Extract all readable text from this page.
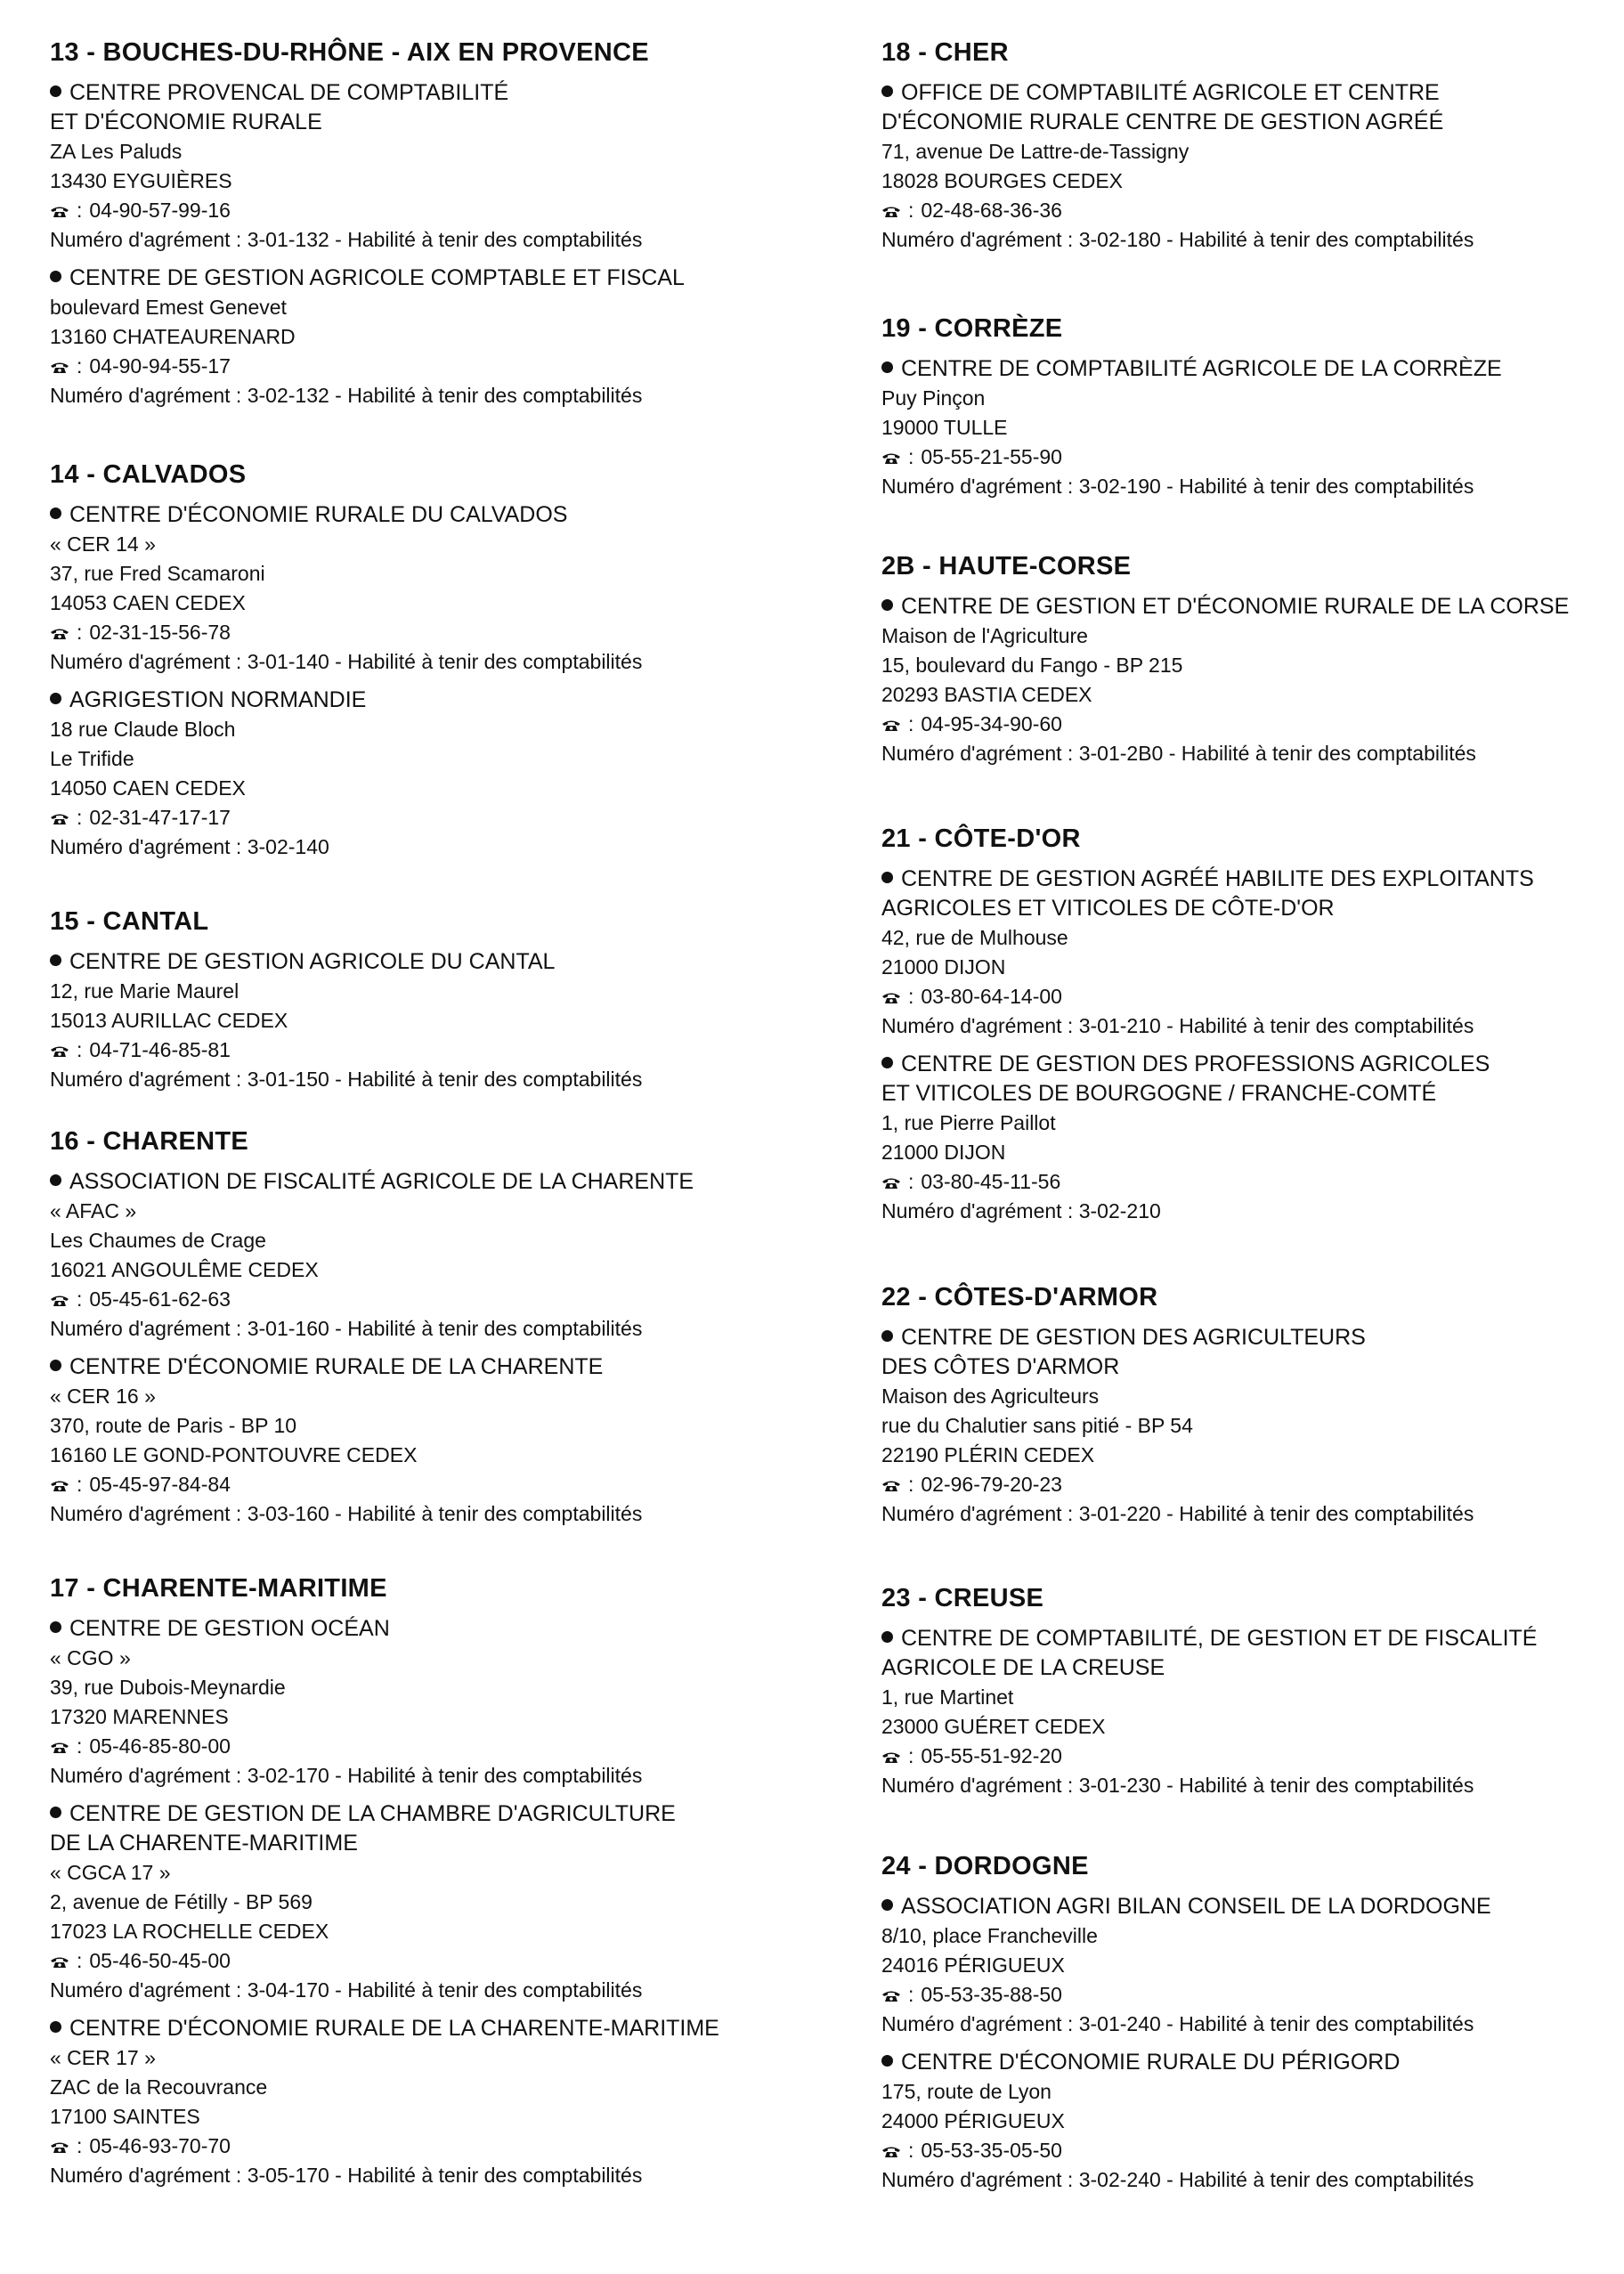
13 - BOUCHES-DU-RHÔNE - AIX EN PROVENCE
CENTRE PROVENCAL DE COMPTABILITÉ
ET D'ÉCONOMIE RURALE
ZA Les Paluds
13430 EYGUIÈRES
: 04-90-57-99-16
Numéro d'agrément : 3-01-132 - Habilité à tenir des comptabilités
CENTRE DE GESTION AGRICOLE COMPTABLE ET FISCAL
boulevard Emest Genevet
13160 CHATEAURENARD
: 04-90-94-55-17
Numéro d'agrément : 3-02-132 - Habilité à tenir des comptabilités
14 - CALVADOS
CENTRE D'ÉCONOMIE RURALE DU CALVADOS
« CER 14 »
37, rue Fred Scamaroni
14053 CAEN CEDEX
: 02-31-15-56-78
Numéro d'agrément : 3-01-140 - Habilité à tenir des comptabilités
AGRIGESTION NORMANDIE
18 rue Claude Bloch
Le Trifide
14050 CAEN CEDEX
: 02-31-47-17-17
Numéro d'agrément : 3-02-140
15 - CANTAL
CENTRE DE GESTION AGRICOLE DU CANTAL
12, rue Marie Maurel
15013 AURILLAC CEDEX
: 04-71-46-85-81
Numéro d'agrément : 3-01-150 - Habilité à tenir des comptabilités
16 - CHARENTE
ASSOCIATION DE FISCALITÉ AGRICOLE DE LA CHARENTE
« AFAC »
Les Chaumes de Crage
16021 ANGOULÊME CEDEX
: 05-45-61-62-63
Numéro d'agrément : 3-01-160 - Habilité à tenir des comptabilités
CENTRE D'ÉCONOMIE RURALE DE LA CHARENTE
« CER 16 »
370, route de Paris - BP 10
16160 LE GOND-PONTOUVRE CEDEX
: 05-45-97-84-84
Numéro d'agrément : 3-03-160 - Habilité à tenir des comptabilités
17 - CHARENTE-MARITIME
CENTRE DE GESTION OCÉAN
« CGO »
39, rue Dubois-Meynardie
17320 MARENNES
: 05-46-85-80-00
Numéro d'agrément : 3-02-170 - Habilité à tenir des comptabilités
CENTRE DE GESTION DE LA CHAMBRE D'AGRICULTURE
DE LA CHARENTE-MARITIME
« CGCA 17 »
2, avenue de Fétilly - BP 569
17023 LA ROCHELLE CEDEX
: 05-46-50-45-00
Numéro d'agrément : 3-04-170 - Habilité à tenir des comptabilités
CENTRE D'ÉCONOMIE RURALE DE LA CHARENTE-MARITIME
« CER 17 »
ZAC de la Recouvrance
17100 SAINTES
: 05-46-93-70-70
Numéro d'agrément : 3-05-170 - Habilité à tenir des comptabilités
18 - CHER
OFFICE DE COMPTABILITÉ AGRICOLE ET CENTRE
D'ÉCONOMIE RURALE CENTRE DE GESTION AGRÉÉ
71, avenue De Lattre-de-Tassigny
18028 BOURGES CEDEX
: 02-48-68-36-36
Numéro d'agrément : 3-02-180 - Habilité à tenir des comptabilités
19 - CORRÈZE
CENTRE DE COMPTABILITÉ AGRICOLE DE LA CORRÈZE
Puy Pinçon
19000 TULLE
: 05-55-21-55-90
Numéro d'agrément : 3-02-190 - Habilité à tenir des comptabilités
2B - HAUTE-CORSE
CENTRE DE GESTION ET D'ÉCONOMIE RURALE DE LA CORSE
Maison de l'Agriculture
15, boulevard du Fango - BP 215
20293 BASTIA CEDEX
: 04-95-34-90-60
Numéro d'agrément : 3-01-2B0 - Habilité à tenir des comptabilités
21 - CÔTE-D'OR
CENTRE DE GESTION AGRÉÉ HABILITE DES EXPLOITANTS
AGRICOLES ET VITICOLES DE CÔTE-D'OR
42, rue de Mulhouse
21000 DIJON
: 03-80-64-14-00
Numéro d'agrément : 3-01-210 - Habilité à tenir des comptabilités
CENTRE DE GESTION DES PROFESSIONS AGRICOLES
ET VITICOLES DE BOURGOGNE / FRANCHE-COMTÉ
1, rue Pierre Paillot
21000 DIJON
: 03-80-45-11-56
Numéro d'agrément : 3-02-210
22 - CÔTES-D'ARMOR
CENTRE DE GESTION DES AGRICULTEURS
DES CÔTES D'ARMOR
Maison des Agriculteurs
rue du Chalutier sans pitié - BP 54
22190 PLÉRIN CEDEX
: 02-96-79-20-23
Numéro d'agrément : 3-01-220 - Habilité à tenir des comptabilités
23 - CREUSE
CENTRE DE COMPTABILITÉ, DE GESTION ET DE FISCALITÉ
AGRICOLE DE LA CREUSE
1, rue Martinet
23000 GUÉRET CEDEX
: 05-55-51-92-20
Numéro d'agrément : 3-01-230 - Habilité à tenir des comptabilités
24 - DORDOGNE
ASSOCIATION AGRI BILAN CONSEIL DE LA DORDOGNE
8/10, place Francheville
24016 PÉRIGUEUX
: 05-53-35-88-50
Numéro d'agrément : 3-01-240 - Habilité à tenir des comptabilités
CENTRE D'ÉCONOMIE RURALE DU PÉRIGORD
175, route de Lyon
24000 PÉRIGUEUX
: 05-53-35-05-50
Numéro d'agrément : 3-02-240 - Habilité à tenir des comptabilités
